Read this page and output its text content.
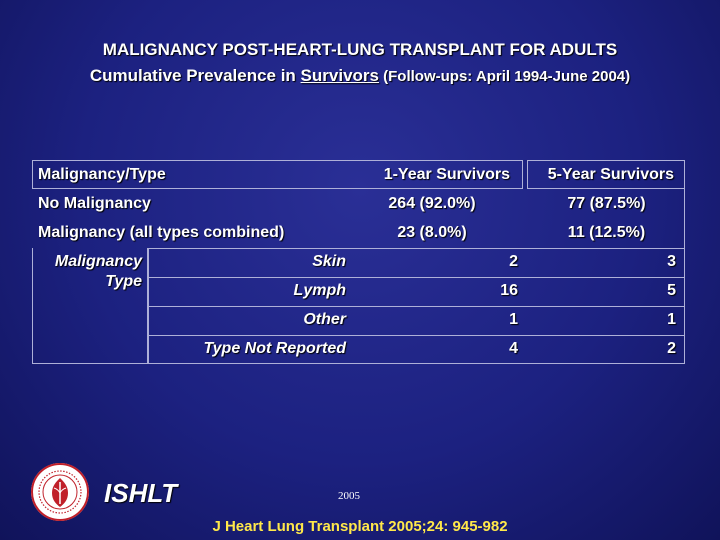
MALIGNANCY POST-HEART-LUNG TRANSPLANT FOR ADULTS
Cumulative Prevalence in Survivors (Follow-ups: April 1994-June 2004)
Malignancy/Type	1-Year Survivors	5-Year Survivors
No Malignancy	264 (92.0%)	77 (87.5%)
Malignancy (all types combined)	23 (8.0%)	11 (12.5%)
Malignancy
Type
Skin	2	3
Lymph	16	5
Other	1	1
Type Not Reported	4	2
ISHLT	2005
J Heart Lung Transplant 2005;24: 945-982
